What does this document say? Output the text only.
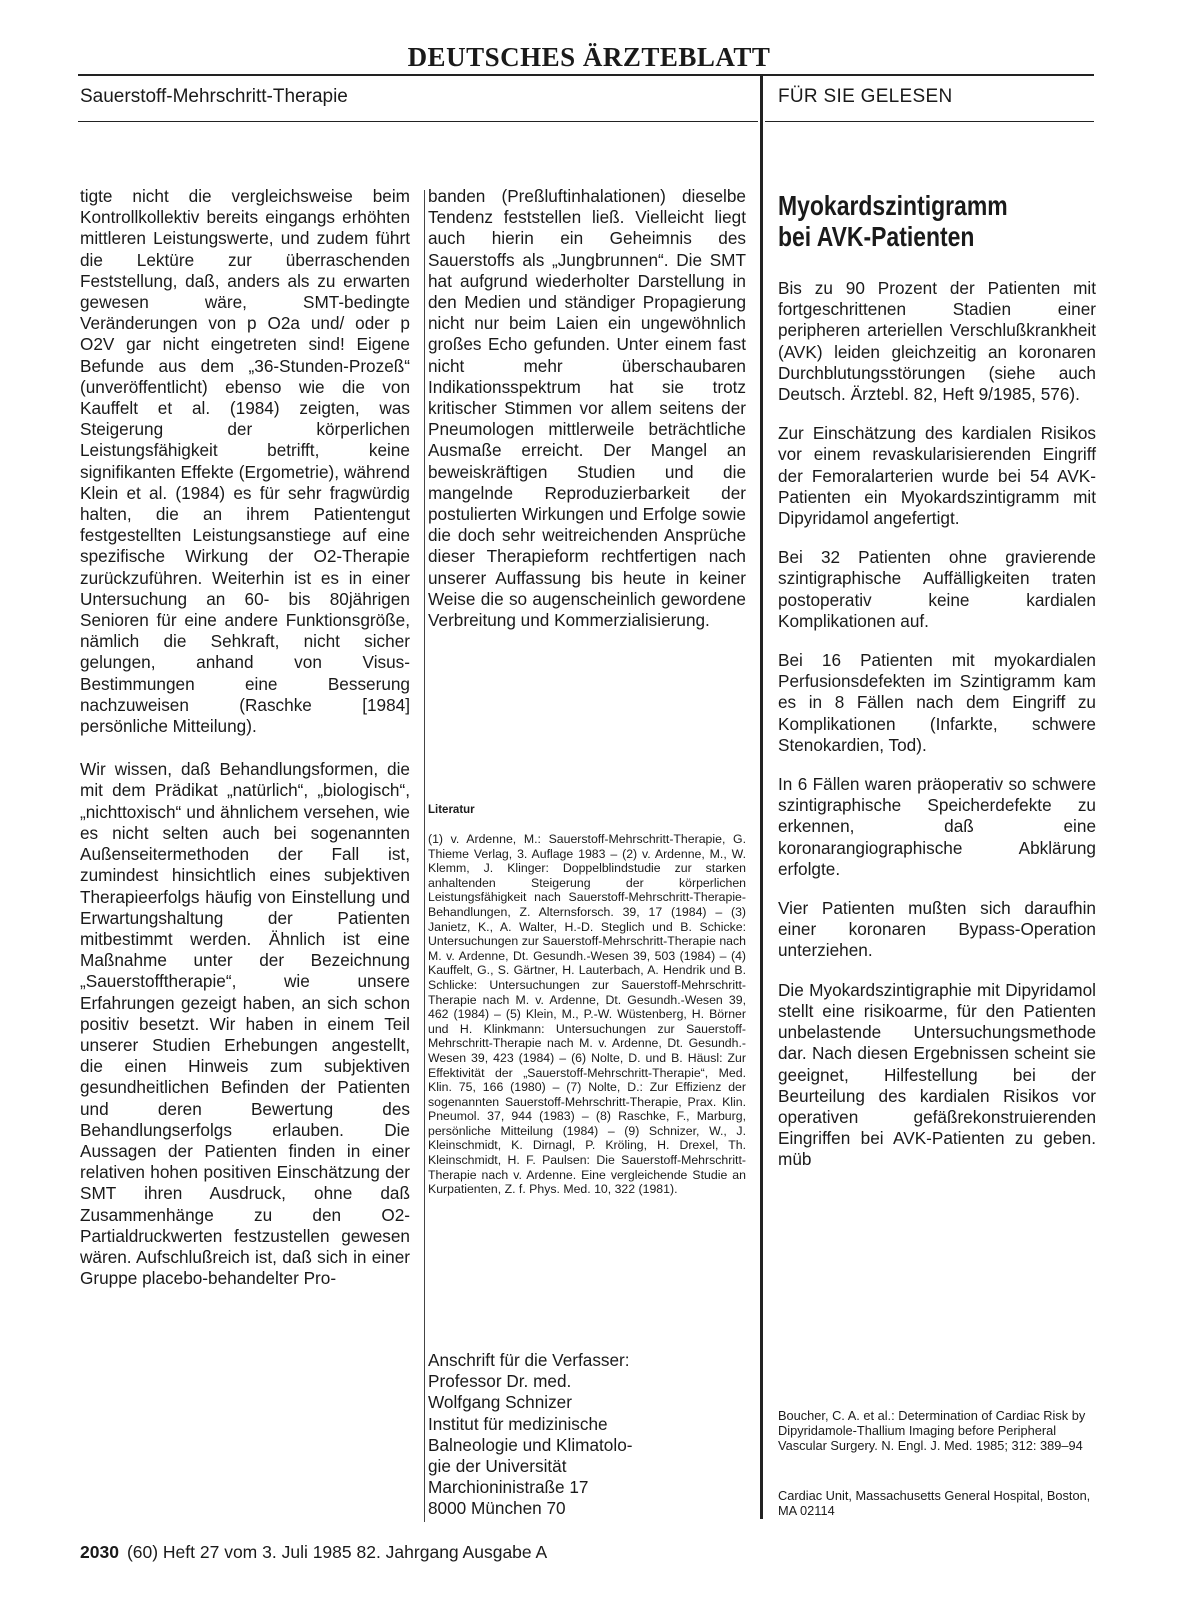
DEUTSCHES ÄRZTEBLATT
Sauerstoff-Mehrschritt-Therapie	FÜR SIE GELESEN

tigte nicht die vergleichsweise beim Kontrollkollektiv bereits eingangs erhöhten mittleren Leistungswerte, und zudem führt die Lektüre zur überraschenden Feststellung, daß, anders als zu erwarten gewesen wäre, SMT-bedingte Veränderungen von p O2a und/ oder p O2V gar nicht eingetreten sind! Eigene Befunde aus dem „36-Stunden-Prozeß“ (unveröffentlicht) ebenso wie die von Kauffelt et al. (1984) zeigten, was Steigerung der körperlichen Leistungsfähigkeit betrifft, keine signifikanten Effekte (Ergometrie), während Klein et al. (1984) es für sehr fragwürdig halten, die an ihrem Patientengut festgestellten Leistungsanstiege auf eine spezifische Wirkung der O2-Therapie zurückzuführen. Weiterhin ist es in einer Untersuchung an 60- bis 80jährigen Senioren für eine andere Funktionsgröße, nämlich die Sehkraft, nicht sicher gelungen, anhand von Visus-Bestimmungen eine Besserung nachzuweisen (Raschke [1984] persönliche Mitteilung).

Wir wissen, daß Behandlungsformen, die mit dem Prädikat „natürlich“, „biologisch“, „nichttoxisch“ und ähnlichem versehen, wie es nicht selten auch bei sogenannten Außenseitermethoden der Fall ist, zumindest hinsichtlich eines subjektiven Therapieerfolgs häufig von Einstellung und Erwartungshaltung der Patienten mitbestimmt werden. Ähnlich ist eine Maßnahme unter der Bezeichnung „Sauerstofftherapie“, wie unsere Erfahrungen gezeigt haben, an sich schon positiv besetzt. Wir haben in einem Teil unserer Studien Erhebungen angestellt, die einen Hinweis zum subjektiven gesundheitlichen Befinden der Patienten und deren Bewertung des Behandlungserfolgs erlauben. Die Aussagen der Patienten finden in einer relativen hohen positiven Einschätzung der SMT ihren Ausdruck, ohne daß Zusammenhänge zu den O2-Partialdruckwerten festzustellen gewesen wären. Aufschlußreich ist, daß sich in einer Gruppe placebo-behandelter Pro-

banden (Preßluftinhalationen) dieselbe Tendenz feststellen ließ. Vielleicht liegt auch hierin ein Geheimnis des Sauerstoffs als „Jungbrunnen“. Die SMT hat aufgrund wiederholter Darstellung in den Medien und ständiger Propagierung nicht nur beim Laien ein ungewöhnlich großes Echo gefunden. Unter einem fast nicht mehr überschaubaren Indikationsspektrum hat sie trotz kritischer Stimmen vor allem seitens der Pneumologen mittlerweile beträchtliche Ausmaße erreicht. Der Mangel an beweiskräftigen Studien und die mangelnde Reproduzierbarkeit der postulierten Wirkungen und Erfolge sowie die doch sehr weitreichenden Ansprüche dieser Therapieform rechtfertigen nach unserer Auffassung bis heute in keiner Weise die so augenscheinlich gewordene Verbreitung und Kommerzialisierung.

Literatur
(1) v. Ardenne, M.: Sauerstoff-Mehrschritt-Therapie, G. Thieme Verlag, 3. Auflage 1983 – (2) v. Ardenne, M., W. Klemm, J. Klinger: Doppelblindstudie zur starken anhaltenden Steigerung der körperlichen Leistungsfähigkeit nach Sauerstoff-Mehrschritt-Therapie-Behandlungen, Z. Alternsforsch. 39, 17 (1984) – (3) Janietz, K., A. Walter, H.-D. Steglich und B. Schicke: Untersuchungen zur Sauerstoff-Mehrschritt-Therapie nach M. v. Ardenne, Dt. Gesundh.-Wesen 39, 503 (1984) – (4) Kauffelt, G., S. Gärtner, H. Lauterbach, A. Hendrik und B. Schlicke: Untersuchungen zur Sauerstoff-Mehrschritt-Therapie nach M. v. Ardenne, Dt. Gesundh.-Wesen 39, 462 (1984) – (5) Klein, M., P.-W. Wüstenberg, H. Börner und H. Klinkmann: Untersuchungen zur Sauerstoff-Mehrschritt-Therapie nach M. v. Ardenne, Dt. Gesundh.-Wesen 39, 423 (1984) – (6) Nolte, D. und B. Häusl: Zur Effektivität der „Sauerstoff-Mehrschritt-Therapie“, Med. Klin. 75, 166 (1980) – (7) Nolte, D.: Zur Effizienz der sogenannten Sauerstoff-Mehrschritt-Therapie, Prax. Klin. Pneumol. 37, 944 (1983) – (8) Raschke, F., Marburg, persönliche Mitteilung (1984) – (9) Schnizer, W., J. Kleinschmidt, K. Dirnagl, P. Kröling, H. Drexel, Th. Kleinschmidt, H. F. Paulsen: Die Sauerstoff-Mehrschritt-Therapie nach v. Ardenne. Eine vergleichende Studie an Kurpatienten, Z. f. Phys. Med. 10, 322 (1981).
Anschrift für die Verfasser:
Professor Dr. med.
Wolfgang Schnizer
Institut für medizinische
Balneologie und Klimatolo-
gie der Universität
Marchioninistraße 17
8000 München 70
Myokardszintigramm
bei AVK-Patienten

Bis zu 90 Prozent der Patienten mit fortgeschrittenen Stadien einer peripheren arteriellen Verschlußkrankheit (AVK) leiden gleichzeitig an koronaren Durchblutungsstörungen (siehe auch Deutsch. Ärztebl. 82, Heft 9/1985, 576).

Zur Einschätzung des kardialen Risikos vor einem revaskularisierenden Eingriff der Femoralarterien wurde bei 54 AVK-Patienten ein Myokardszintigramm mit Dipyridamol angefertigt.

Bei 32 Patienten ohne gravierende szintigraphische Auffälligkeiten traten postoperativ keine kardialen Komplikationen auf.

Bei 16 Patienten mit myokardialen Perfusionsdefekten im Szintigramm kam es in 8 Fällen nach dem Eingriff zu Komplikationen (Infarkte, schwere Stenokardien, Tod).

In 6 Fällen waren präoperativ so schwere szintigraphische Speicherdefekte zu erkennen, daß eine koronarangiographische Abklärung erfolgte.

Vier Patienten mußten sich daraufhin einer koronaren Bypass-Operation unterziehen.

Die Myokardszintigraphie mit Dipyridamol stellt eine risikoarme, für den Patienten unbelastende Untersuchungsmethode dar. Nach diesen Ergebnissen scheint sie geeignet, Hilfestellung bei der Beurteilung des kardialen Risikos vor operativen gefäßrekonstruierenden Eingriffen bei AVK-Patienten zu geben. müb

Boucher, C. A. et al.: Determination of Cardiac Risk by Dipyridamole-Thallium Imaging before Peripheral Vascular Surgery. N. Engl. J. Med. 1985; 312: 389–94
Cardiac Unit, Massachusetts General Hospital, Boston, MA 02114
2030 (60) Heft 27 vom 3. Juli 1985 82. Jahrgang Ausgabe A
